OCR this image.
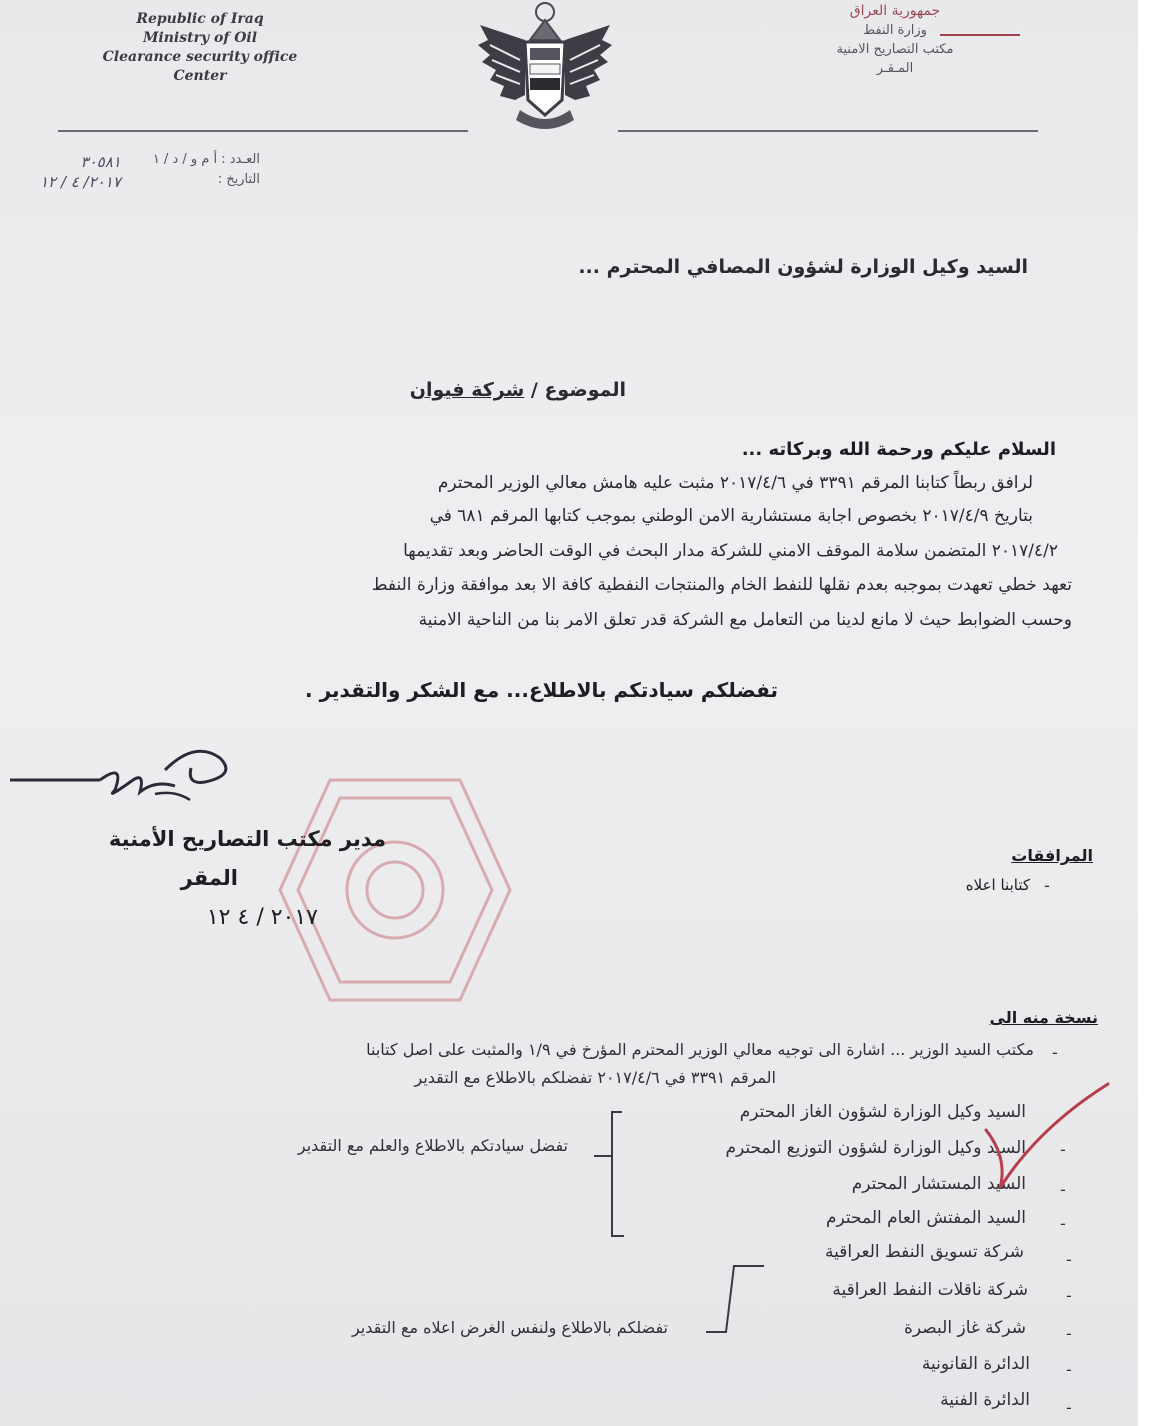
Republic of Iraq
Ministry of Oil
Clearance security office
Center
جمهورية العراق
وزارة النفط
مكتب التصاريح الامنية
المـقـر
العـدد : أ م و / د / ١
التاريخ :
٣٠٥٨١
٢٠١٧/ ٤ / ١٢
السيد وكيل الوزارة لشؤون المصافي المحترم ...
الموضوع / شركة فيوان
السلام عليكم ورحمة الله وبركاته ...
لرافق ربطاً كتابنا المرقم ٣٣٩١ في ٢٠١٧/٤/٦ مثبت عليه هامش معالي الوزير المحترم
بتاريخ ٢٠١٧/٤/٩ بخصوص اجابة مستشارية الامن الوطني بموجب كتابها المرقم ٦٨١ في
٢٠١٧/٤/٢ المتضمن سلامة الموقف الامني للشركة مدار البحث في الوقت الحاضر وبعد تقديمها
تعهد خطي تعهدت بموجبه بعدم نقلها للنفط الخام والمنتجات النفطية كافة الا بعد موافقة وزارة النفط
وحسب الضوابط حيث لا مانع لدينا من التعامل مع الشركة قدر تعلق الامر بنا من الناحية الامنية
تفضلكم سيادتكم بالاطلاع... مع الشكر والتقدير .
مدير مكتب التصاريح الأمنية
المقر
٢٠١٧ / ٤ ١٢
المرافقات
-
كتابنا اعلاه
نسخة منه الى
-
مكتب السيد الوزير ... اشارة الى توجيه معالي الوزير المحترم المؤرخ في ١/٩ والمثبت على اصل كتابنا
المرقم ٣٣٩١ في ٢٠١٧/٤/٦ تفضلكم بالاطلاع مع التقدير
السيد وكيل الوزارة لشؤون الغاز المحترم
-
السيد وكيل الوزارة لشؤون التوزيع المحترم
-
السيد المستشار المحترم
-
السيد المفتش العام المحترم
تفضل سيادتكم بالاطلاع والعلم مع التقدير
-
شركة تسويق النفط العراقية
-
شركة ناقلات النفط العراقية
-
شركة غاز البصرة
-
الدائرة القانونية
-
الدائرة الفنية
تفضلكم بالاطلاع ولنفس الغرض اعلاه مع التقدير
